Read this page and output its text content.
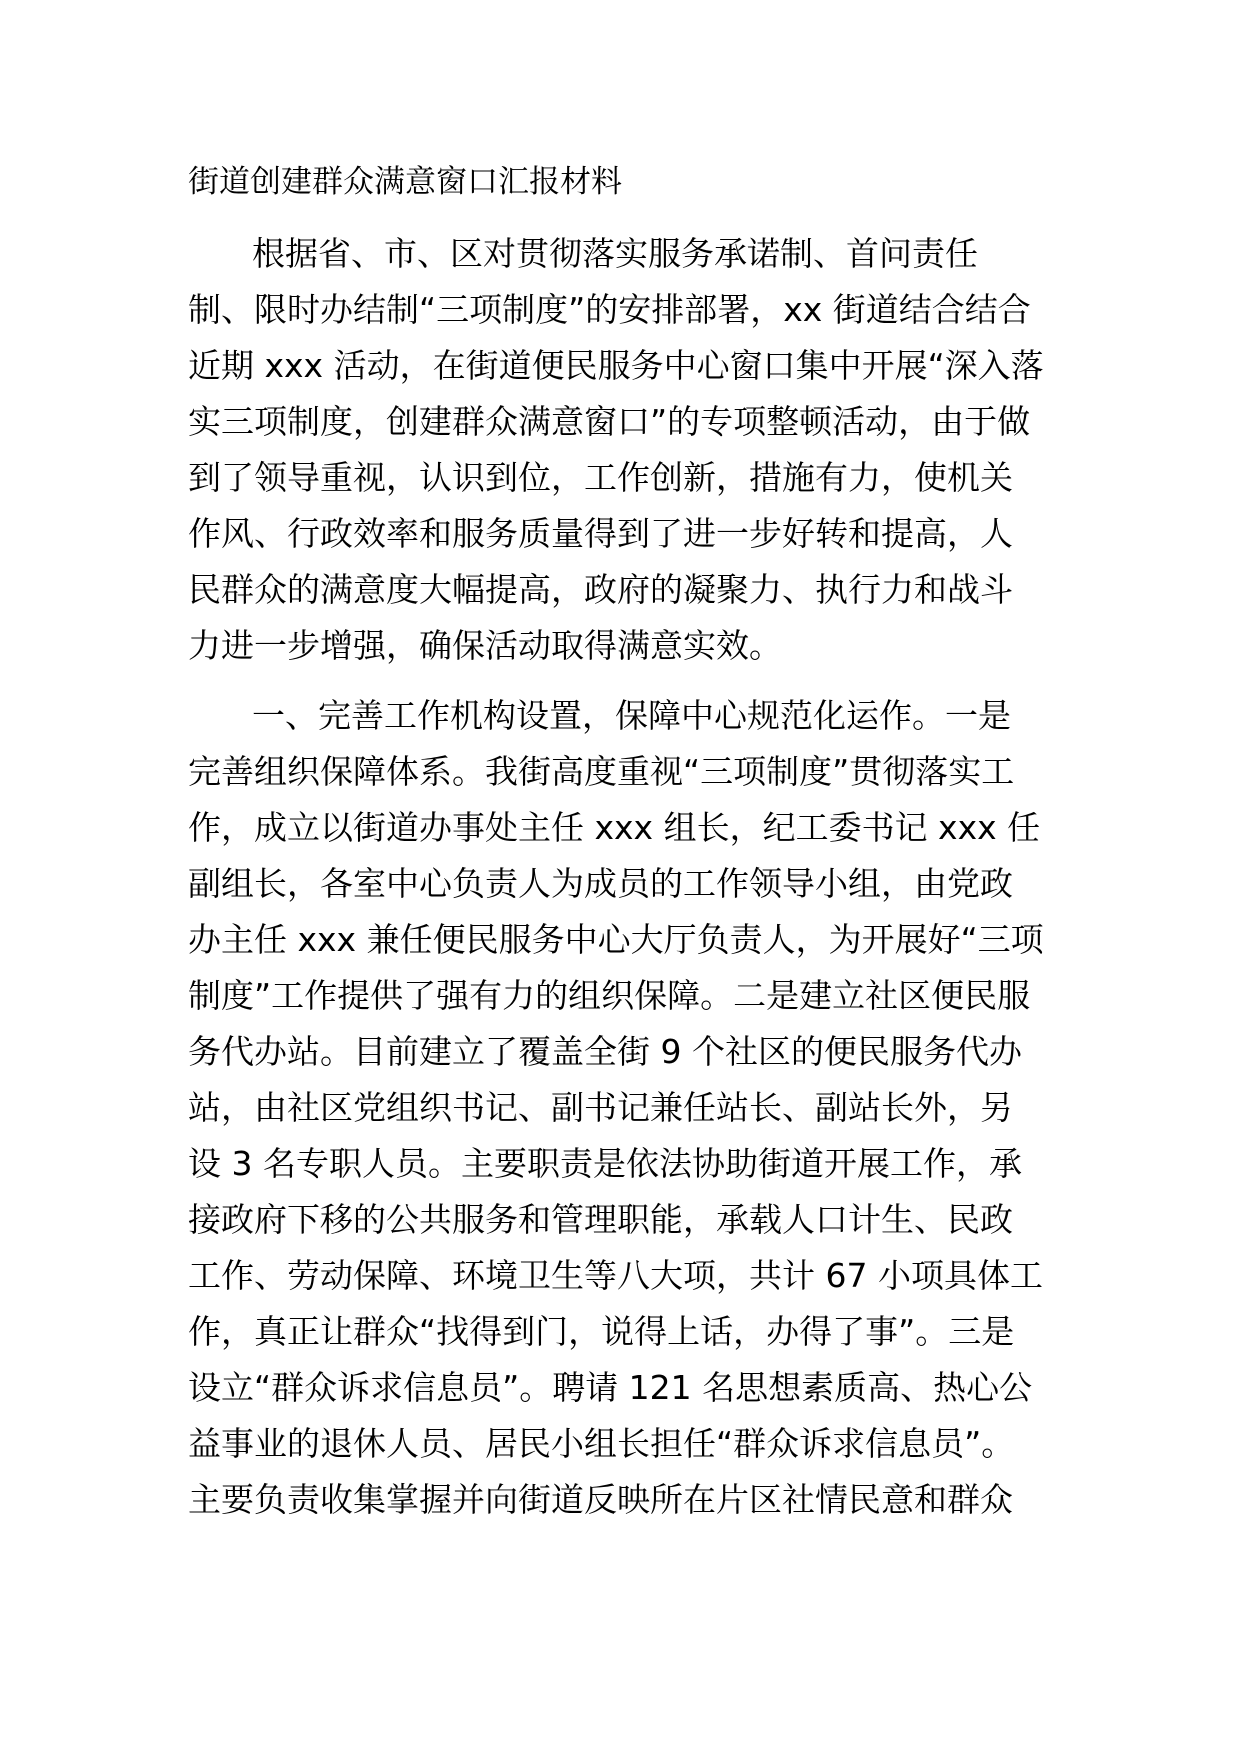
街道创建群众满意窗口汇报材料
根据省、市、区对贯彻落实服务承诺制、首问责任
制、限时办结制“三项制度”的安排部署，xx 街道结合结合
近期 xxx 活动，在街道便民服务中心窗口集中开展“深入落
实三项制度，创建群众满意窗口”的专项整顿活动，由于做
到了领导重视，认识到位，工作创新，措施有力，使机关
作风、行政效率和服务质量得到了进一步好转和提高，人
民群众的满意度大幅提高，政府的凝聚力、执行力和战斗
力进一步增强，确保活动取得满意实效。
一、完善工作机构设置，保障中心规范化运作。一是
完善组织保障体系。我街高度重视“三项制度”贯彻落实工
作，成立以街道办事处主任 xxx 组长，纪工委书记 xxx 任
副组长，各室中心负责人为成员的工作领导小组，由党政
办主任 xxx 兼任便民服务中心大厅负责人，为开展好“三项
制度”工作提供了强有力的组织保障。二是建立社区便民服
务代办站。目前建立了覆盖全街 9 个社区的便民服务代办
站，由社区党组织书记、副书记兼任站长、副站长外，另
设 3 名专职人员。主要职责是依法协助街道开展工作，承
接政府下移的公共服务和管理职能，承载人口计生、民政
工作、劳动保障、环境卫生等八大项，共计 67 小项具体工
作，真正让群众“找得到门，说得上话，办得了事”。三是
设立“群众诉求信息员”。聘请 121 名思想素质高、热心公
益事业的退休人员、居民小组长担任“群众诉求信息员”。
主要负责收集掌握并向街道反映所在片区社情民意和群众
